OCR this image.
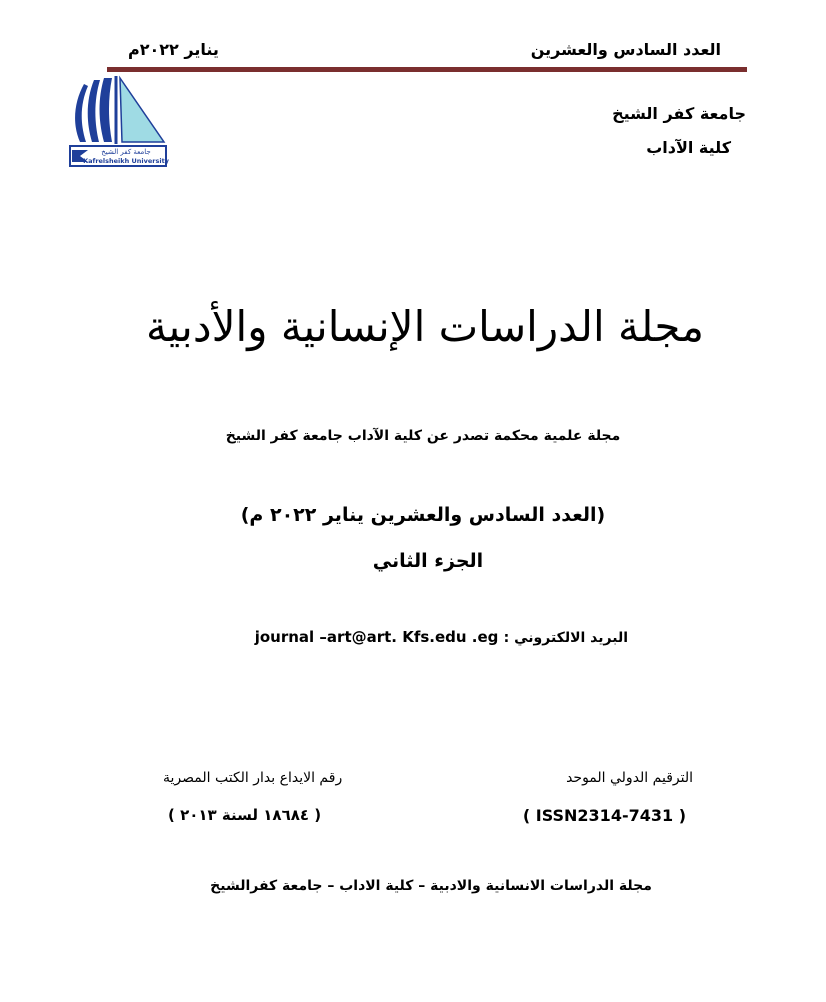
العدد السادس والعشرين
يناير ٢٠٢٢م
جامعة كفر الشيخ
Kafrelsheikh University
جامعة كفر الشيخ
كلية الآداب
مجلة الدراسات الإنسانية والأدبية
مجلة علمية محكمة تصدر عن كلية الآداب جامعة كفر الشيخ
(العدد السادس والعشرين يناير ٢٠٢٢ م)
الجزء الثاني
البريد الالكتروني : journal –art@art. Kfs.edu .eg
الترقيم الدولي الموحد
( ISSN2314-7431 )
رقم الايداع بدار الكتب المصرية
( ١٨٦٨٤ لسنة ٢٠١٣ )
مجلة الدراسات الانسانية والادبية – كلية الاداب – جامعة كفرالشيخ
